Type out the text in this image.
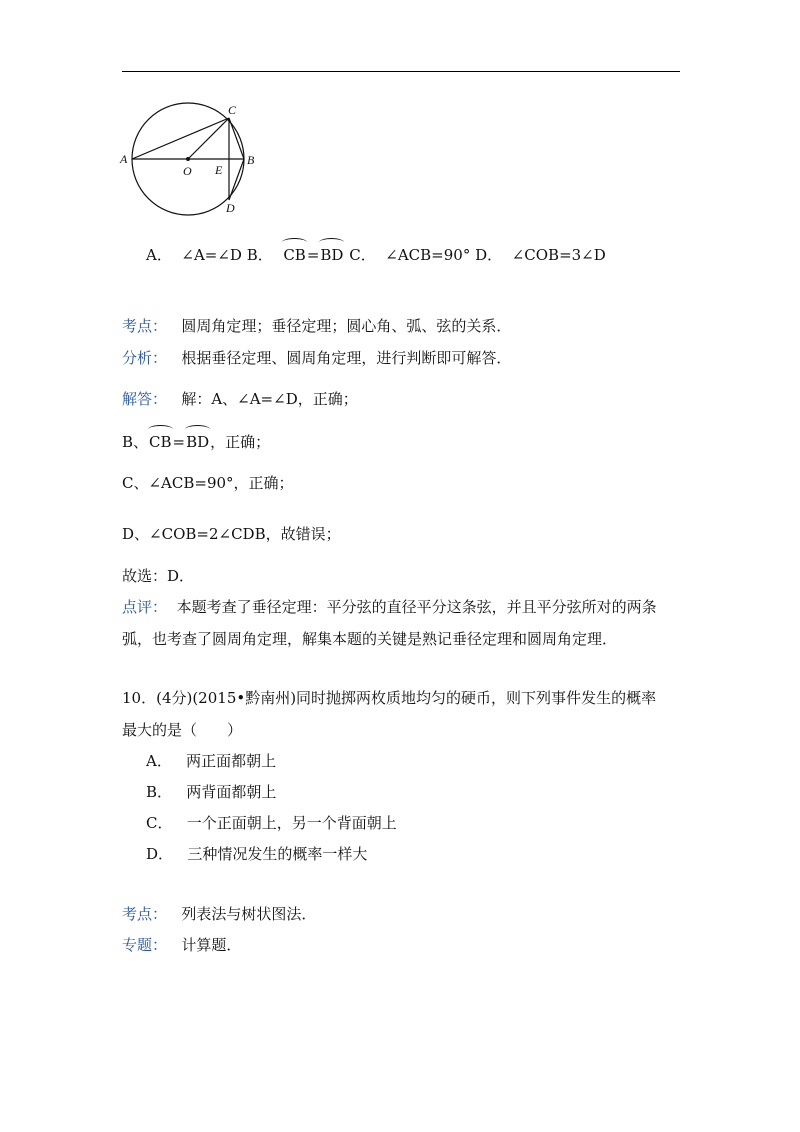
A	B
C
D
O E
A． ∠A=∠D B． CB=BD C． ∠ACB=90° D． ∠COB=3∠D
考点： 圆周角定理；垂径定理；圆心角、弧、弦的关系．
分析： 根据垂径定理、圆周角定理，进行判断即可解答．
解答： 解：A、∠A=∠D，正确；
B、CB=BD，正确；
C、∠ACB=90°，正确；
D、∠COB=2∠CDB，故错误；
故选：D．
点评： 本题考查了垂径定理：平分弦的直径平分这条弦，并且平分弦所对的两条
弧，也考查了圆周角定理，解集本题的关键是熟记垂径定理和圆周角定理．
10．(4分)(2015•黔南州)同时抛掷两枚质地均匀的硬币，则下列事件发生的概率
最大的是（　　）
A． 两正面都朝上
B． 两背面都朝上
C． 一个正面朝上，另一个背面朝上
D． 三种情况发生的概率一样大
考点： 列表法与树状图法．
专题： 计算题．
